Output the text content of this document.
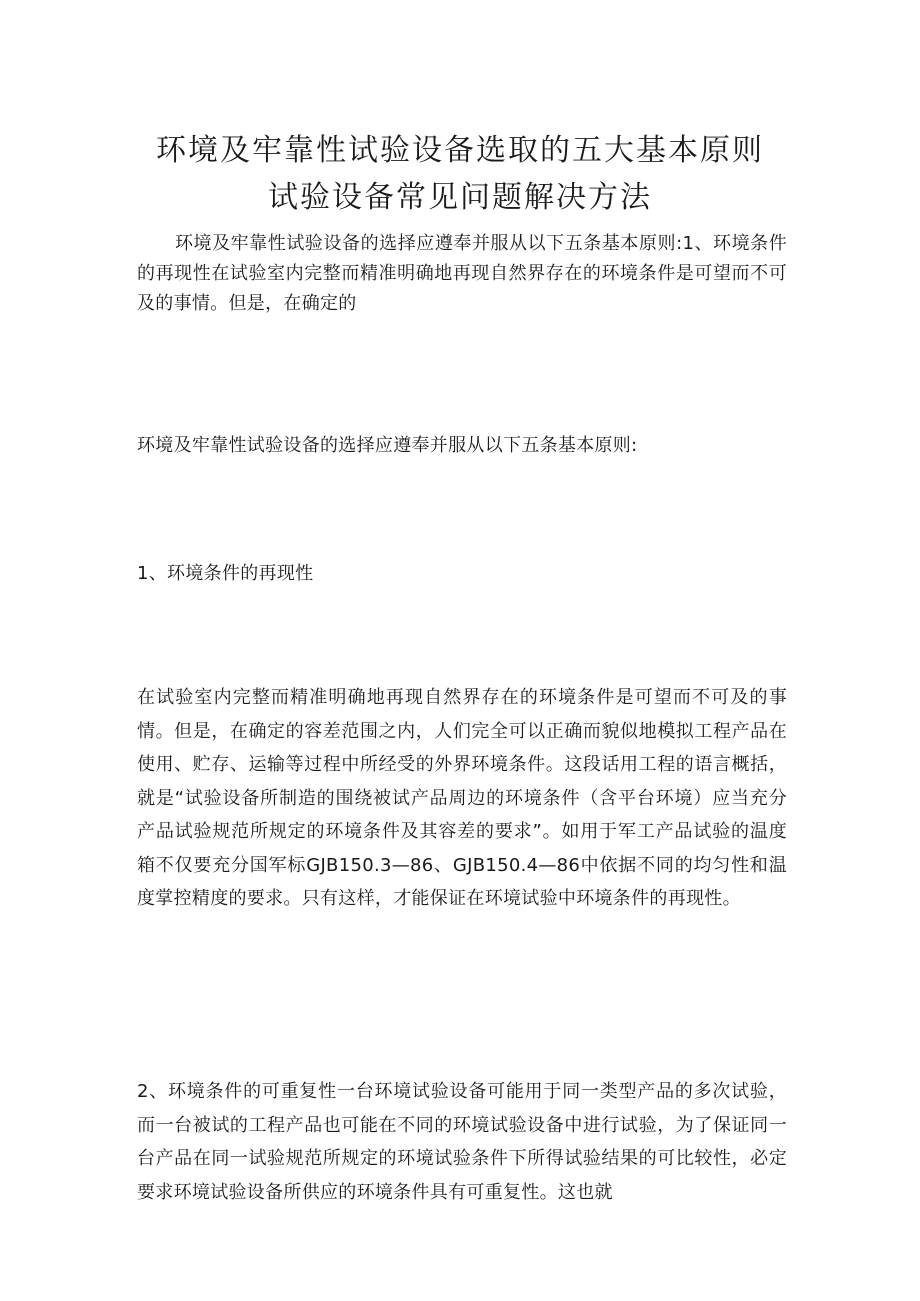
环境及牢靠性试验设备选取的五大基本原则
试验设备常见问题解决方法

环境及牢靠性试验设备的选择应遵奉并服从以下五条基本原则:1、环境条件的再现性在试验室内完整而精准明确地再现自然界存在的环境条件是可望而不可及的事情。但是，在确定的

环境及牢靠性试验设备的选择应遵奉并服从以下五条基本原则:

1、环境条件的再现性

在试验室内完整而精准明确地再现自然界存在的环境条件是可望而不可及的事情。但是，在确定的容差范围之内，人们完全可以正确而貌似地模拟工程产品在使用、贮存、运输等过程中所经受的外界环境条件。这段话用工程的语言概括，就是“试验设备所制造的围绕被试产品周边的环境条件（含平台环境）应当充分产品试验规范所规定的环境条件及其容差的要求”。如用于军工产品试验的温度箱不仅要充分国军标GJB150.3—86、GJB150.4—86中依据不同的均匀性和温度掌控精度的要求。只有这样，才能保证在环境试验中环境条件的再现性。

2、环境条件的可重复性一台环境试验设备可能用于同一类型产品的多次试验，而一台被试的工程产品也可能在不同的环境试验设备中进行试验，为了保证同一台产品在同一试验规范所规定的环境试验条件下所得试验结果的可比较性，必定要求环境试验设备所供应的环境条件具有可重复性。这也就
